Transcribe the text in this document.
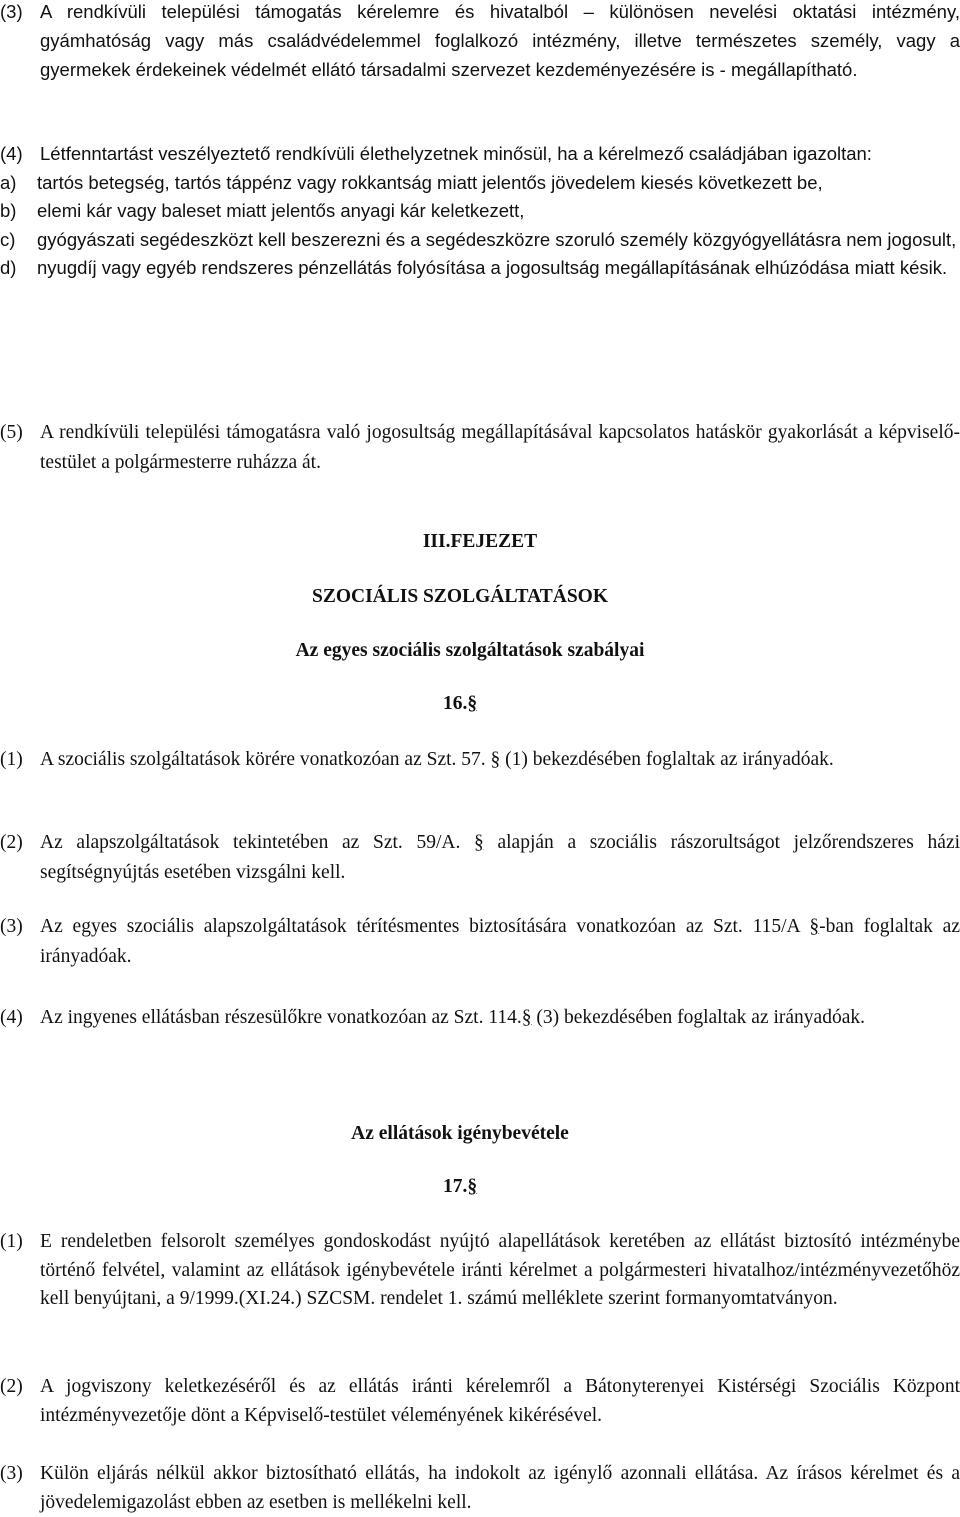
(3) A rendkívüli települési támogatás kérelemre és hivatalból – különösen nevelési oktatási intézmény, gyámhatóság vagy más családvédelemmel foglalkozó intézmény, illetve természetes személy, vagy a gyermekek érdekeinek védelmét ellátó társadalmi szervezet kezdeményezésére is - megállapítható.

(4) Létfenntartást veszélyeztető rendkívüli élethelyzetnek minősül, ha a kérelmező családjában igazoltan:

a) tartós betegség, tartós táppénz vagy rokkantság miatt jelentős jövedelem kiesés következett be,
b) elemi kár vagy baleset miatt jelentős anyagi kár keletkezett,
c) gyógyászati segédeszközt kell beszerezni és a segédeszközre szoruló személy közgyógyellátásra nem jogosult,
d) nyugdíj vagy egyéb rendszeres pénzellátás folyósítása a jogosultság megállapításának elhúzódása miatt késik.
(5) A rendkívüli települési támogatásra való jogosultság megállapításával kapcsolatos hatáskör gyakorlását a képviselő-testület a polgármesterre ruházza át.

III.FEJEZET
SZOCIÁLIS SZOLGÁLTATÁSOK
Az egyes szociális szolgáltatások szabályai
16.§
(1) A szociális szolgáltatások körére vonatkozóan az Szt. 57. § (1) bekezdésében foglaltak az irányadóak.

(2) Az alapszolgáltatások tekintetében az Szt. 59/A. § alapján a szociális rászorultságot jelzőrendszeres házi segítségnyújtás esetében vizsgálni kell.

(3) Az egyes szociális alapszolgáltatások térítésmentes biztosítására vonatkozóan az Szt. 115/A §-ban foglaltak az irányadóak.

(4) Az ingyenes ellátásban részesülőkre vonatkozóan az Szt. 114.§ (3) bekezdésében foglaltak az irányadóak.

Az ellátások igénybevétele
17.§
(1) E rendeletben felsorolt személyes gondoskodást nyújtó alapellátások keretében az ellátást biztosító intézménybe történő felvétel, valamint az ellátások igénybevétele iránti kérelmet a polgármesteri hivatalhoz/intézményvezetőhöz kell benyújtani, a 9/1999.(XI.24.) SZCSM. rendelet 1. számú melléklete szerint formanyomtatványon.

(2) A jogviszony keletkezéséről és az ellátás iránti kérelemről a Bátonyterenyei Kistérségi Szociális Központ intézményvezetője dönt a Képviselő-testület véleményének kikérésével.

(3) Külön eljárás nélkül akkor biztosítható ellátás, ha indokolt az igénylő azonnali ellátása. Az írásos kérelmet és a jövedelemigazolást ebben az esetben is mellékelni kell.
